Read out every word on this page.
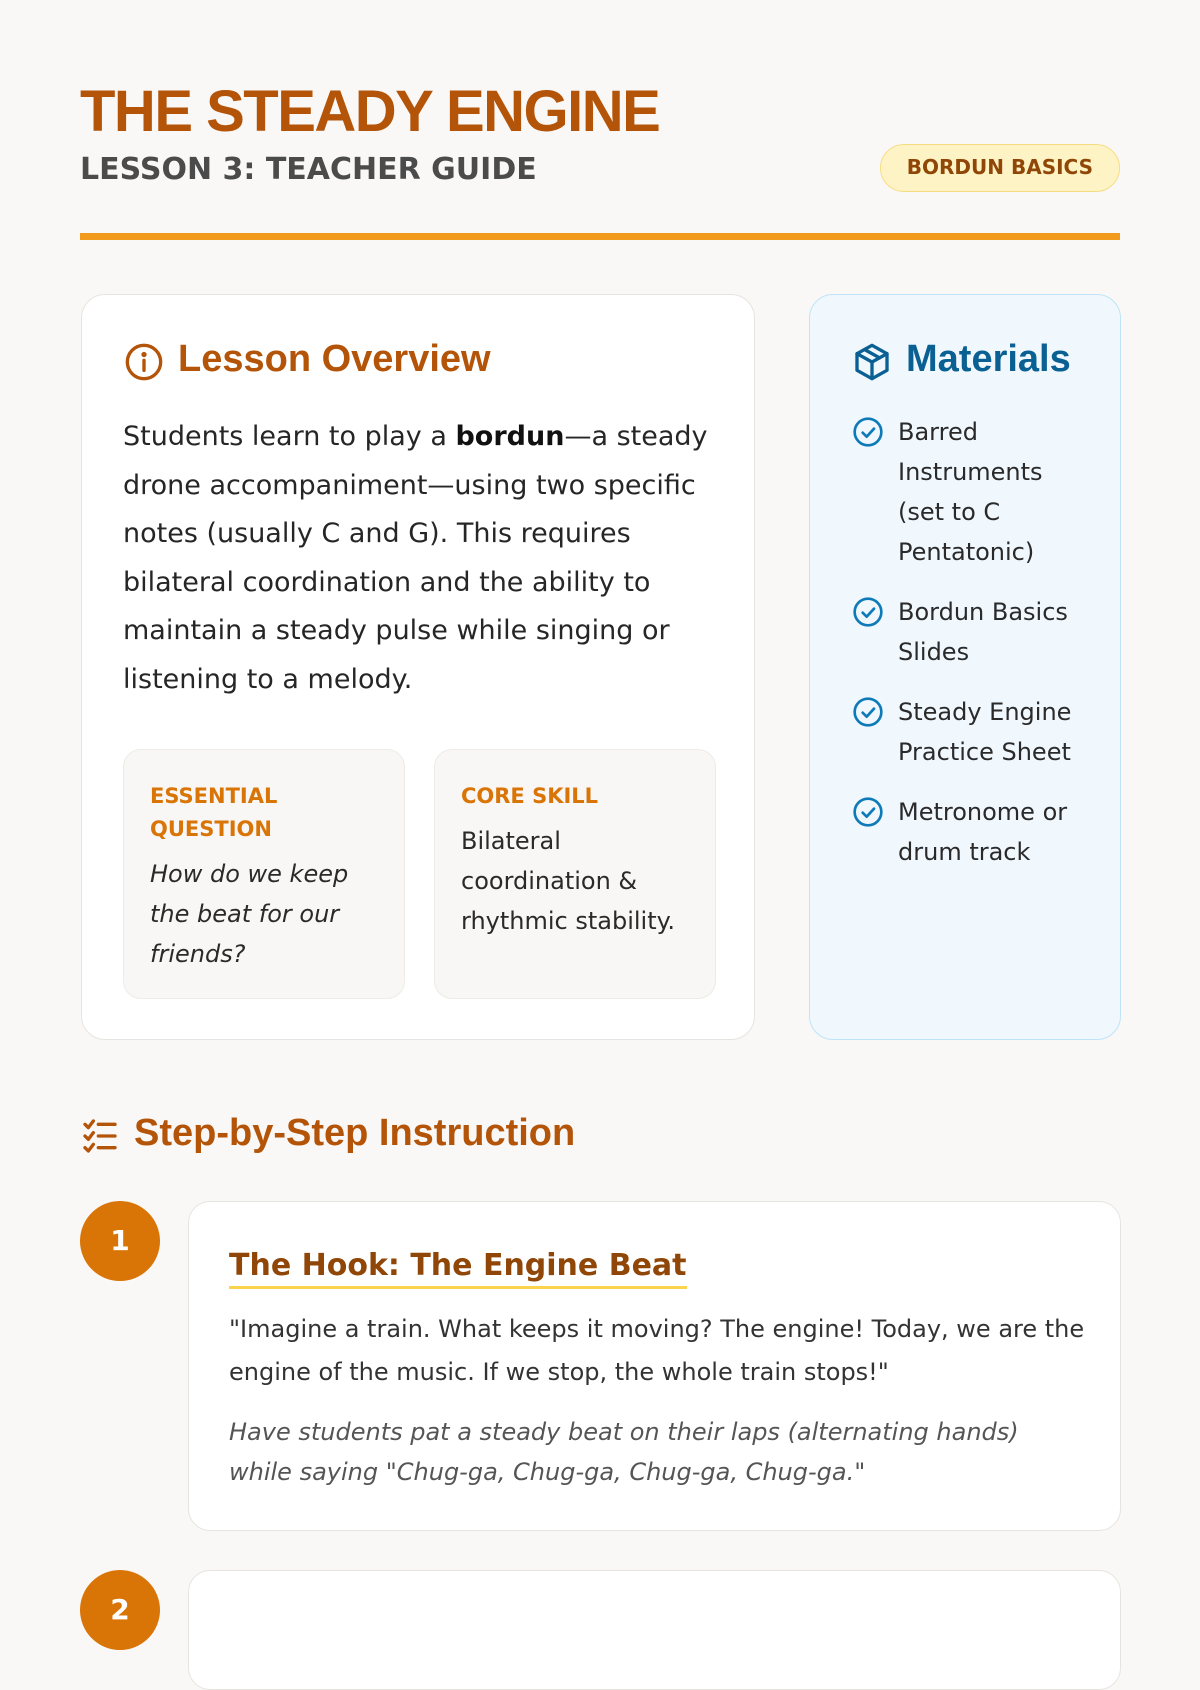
THE STEADY ENGINE
LESSON 3: TEACHER GUIDE	BORDUN BASICS
Lesson Overview

Students learn to play a bordun—a steady drone accompaniment—using two specific notes (usually C and G). This requires bilateral coordination and the ability to maintain a steady pulse while singing or listening to a melody.

ESSENTIAL QUESTION
How do we keep the beat for our friends?
CORE SKILL
Bilateral coordination & rhythmic stability.
Materials
Barred Instruments (set to C Pentatonic)
Bordun Basics Slides
Steady Engine Practice Sheet
Metronome or drum track
Step-by-Step Instruction
1
The Hook: The Engine Beat

"Imagine a train. What keeps it moving? The engine! Today, we are the engine of the music. If we stop, the whole train stops!"

Have students pat a steady beat on their laps (alternating hands) while saying "Chug-ga, Chug-ga, Chug-ga, Chug-ga."

2
